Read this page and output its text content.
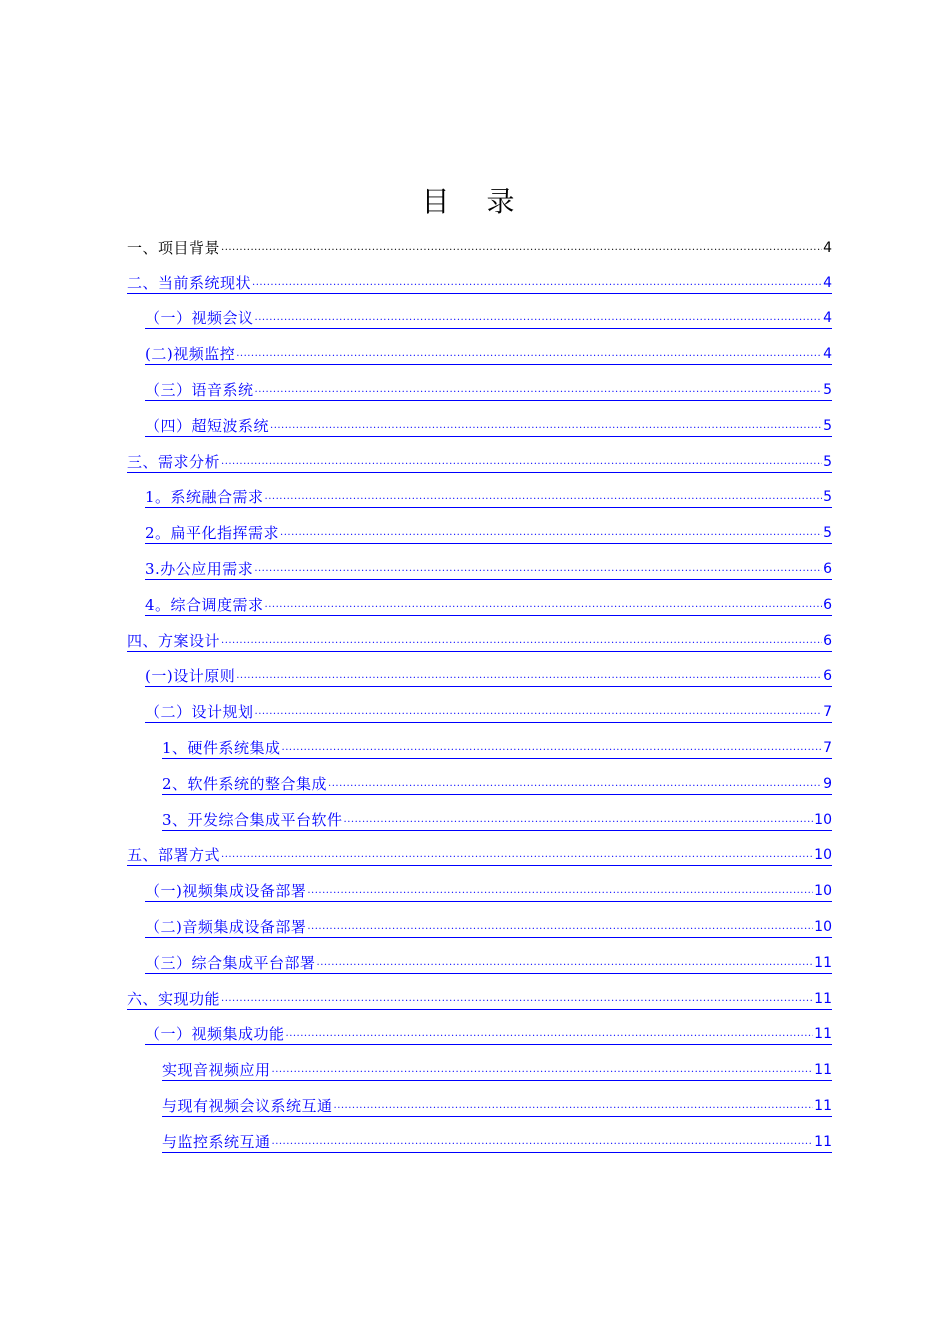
目 录
一、项目背景 .....	4
二、当前系统现状 .....	4
（一）视频会议 .....	4
(二)视频监控 .....	4
（三）语音系统 .....	5
（四）超短波系统 .....	5
三、需求分析 .....	5
1。系统融合需求 .....	5
2。扁平化指挥需求 .....	5
3.办公应用需求 .....	6
4。综合调度需求 .....	6
四、方案设计 .....	6
(一)设计原则 .....	6
（二）设计规划 .....	7
1、硬件系统集成 .....	7
2、软件系统的整合集成 .....	9
3、开发综合集成平台软件 .....	10
五、部署方式 .....	10
（一)视频集成设备部署 .....	10
（二)音频集成设备部署 .....	10
（三）综合集成平台部署 .....	11
六、实现功能 .....	11
（一）视频集成功能 .....	11
实现音视频应用 .....	11
与现有视频会议系统互通 .....	11
与监控系统互通 .....	11
